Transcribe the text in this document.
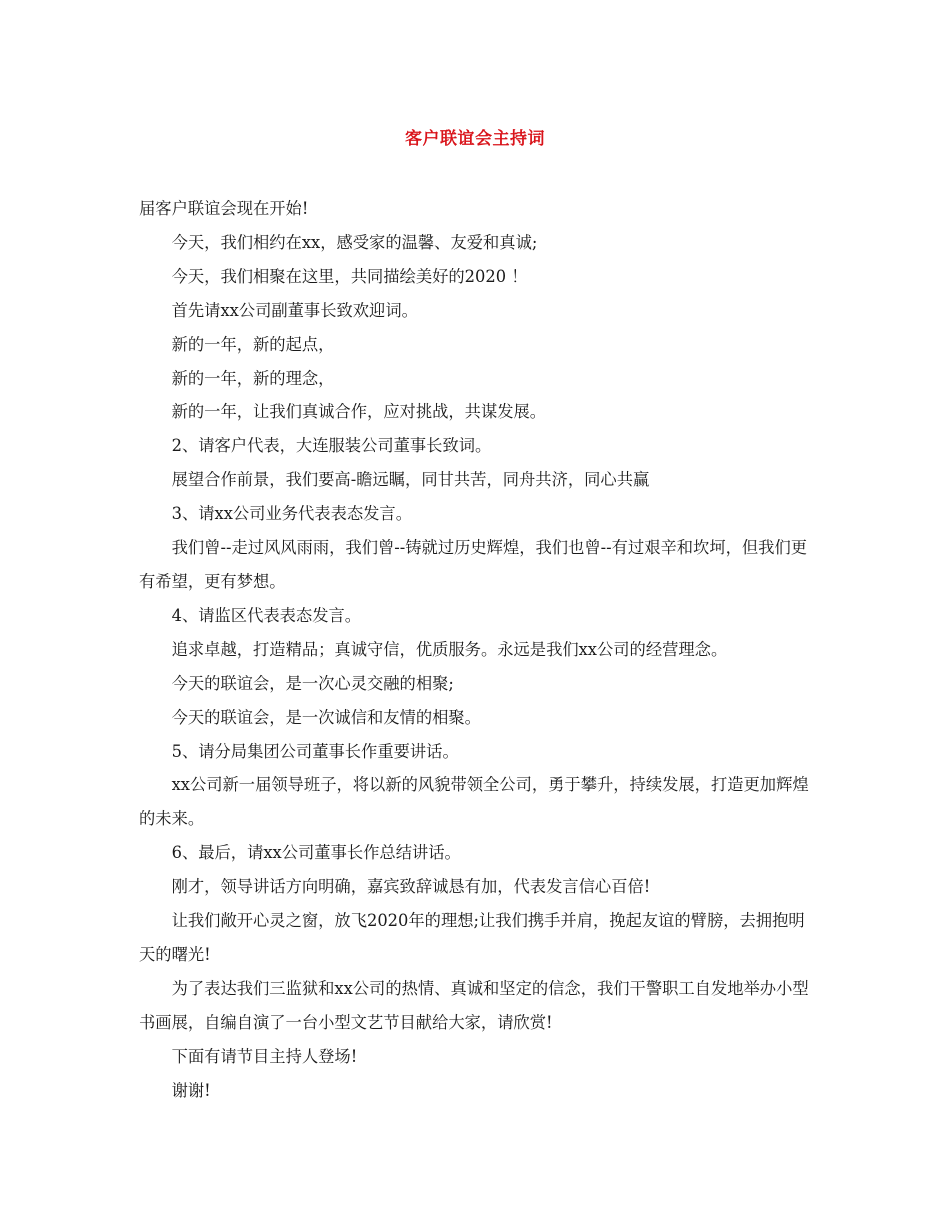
客户联谊会主持词

届客户联谊会现在开始!

今天，我们相约在xx，感受家的温馨、友爱和真诚;

今天，我们相聚在这里，共同描绘美好的2020 ！

首先请xx公司副董事长致欢迎词。

新的一年，新的起点，

新的一年，新的理念，

新的一年，让我们真诚合作，应对挑战，共谋发展。

2、请客户代表，大连服装公司董事长致词。

展望合作前景，我们要高-瞻远瞩，同甘共苦，同舟共济，同心共赢

3、请xx公司业务代表表态发言。

我们曾--走过风风雨雨，我们曾--铸就过历史辉煌，我们也曾--有过艰辛和坎坷，但我们更有希望，更有梦想。

4、请监区代表表态发言。

追求卓越，打造精品；真诚守信，优质服务。永远是我们xx公司的经营理念。

今天的联谊会，是一次心灵交融的相聚;

今天的联谊会，是一次诚信和友情的相聚。

5、请分局集团公司董事长作重要讲话。

xx公司新一届领导班子，将以新的风貌带领全公司，勇于攀升，持续发展，打造更加辉煌的未来。

6、最后，请xx公司董事长作总结讲话。

刚才，领导讲话方向明确，嘉宾致辞诚恳有加，代表发言信心百倍!

让我们敞开心灵之窗，放飞2020年的理想;让我们携手并肩，挽起友谊的臂膀，去拥抱明天的曙光!

为了表达我们三监狱和xx公司的热情、真诚和坚定的信念，我们干警职工自发地举办小型书画展，自编自演了一台小型文艺节目献给大家，请欣赏!

下面有请节目主持人登场!

谢谢!
